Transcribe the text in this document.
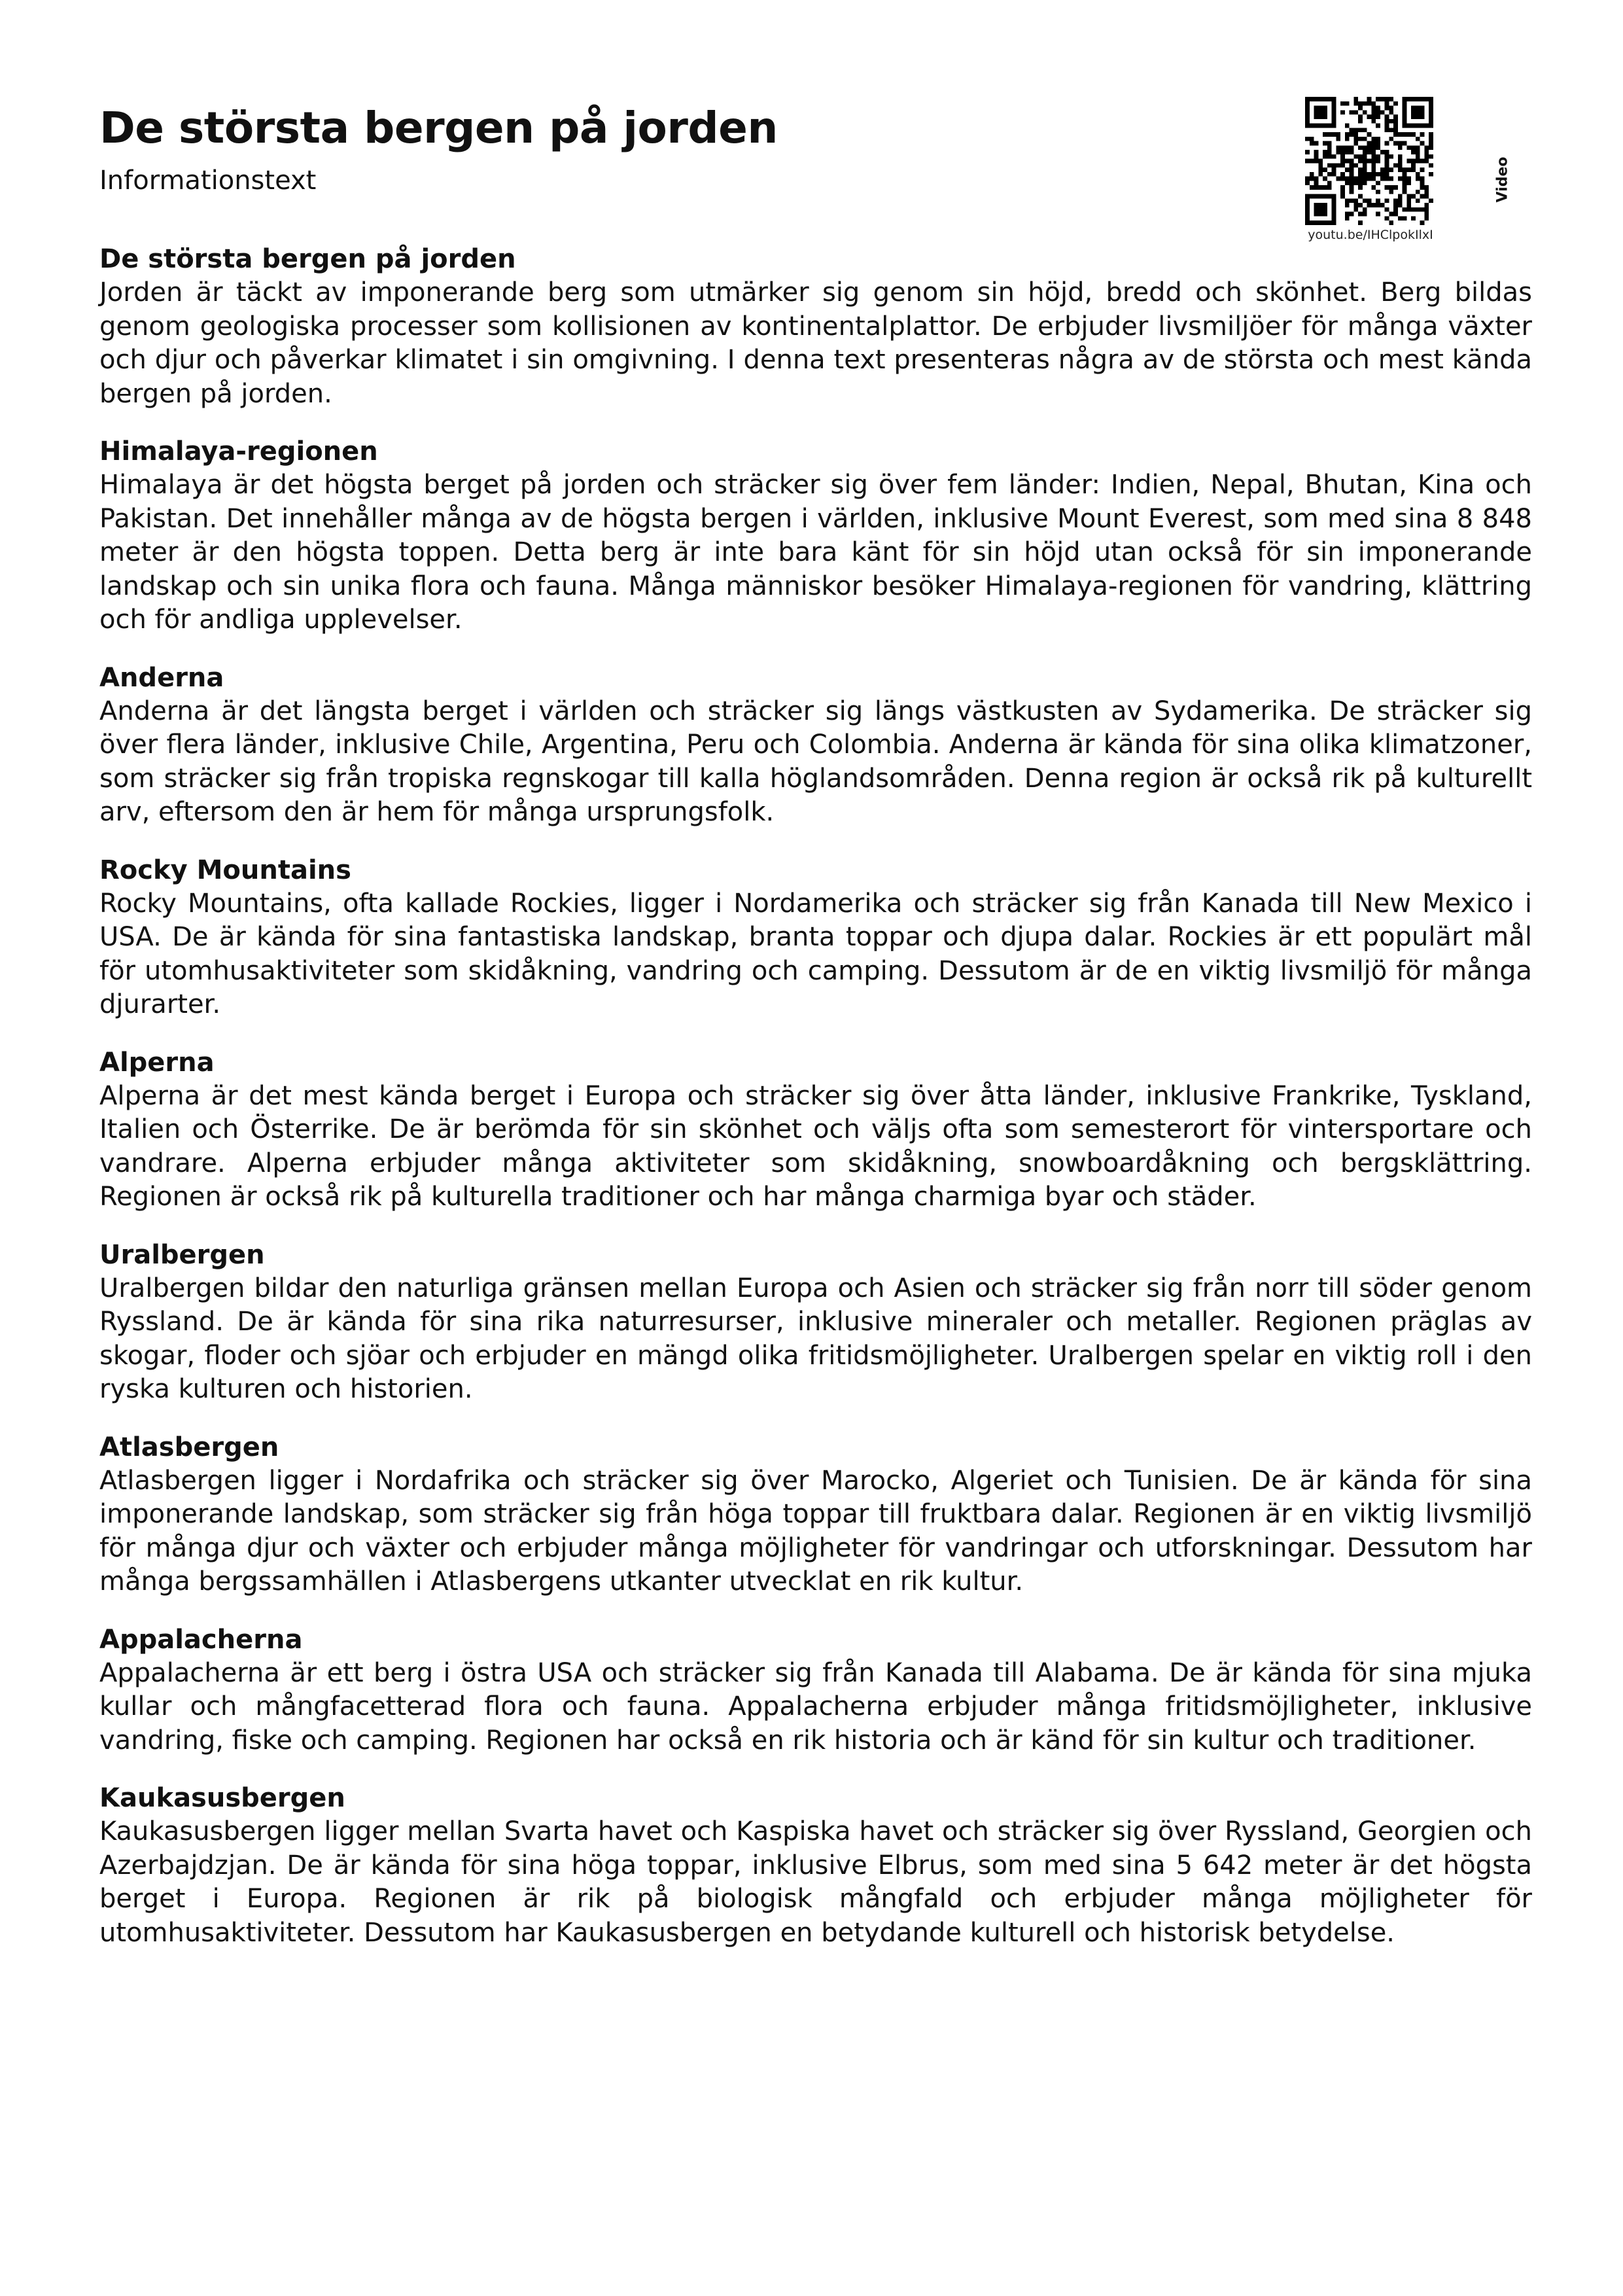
De största bergen på jorden

Informationstext

youtu.be/IHClpokIlxI
Video

De största bergen på jorden

Jorden är täckt av imponerande berg som utmärker sig genom sin höjd, bredd och skönhet. Berg bildas genom geologiska processer som kollisionen av kontinentalplattor. De erbjuder livsmiljöer för många växter och djur och påverkar klimatet i sin omgivning. I denna text presenteras några av de största och mest kända bergen på jorden.

Himalaya-regionen

Himalaya är det högsta berget på jorden och sträcker sig över fem länder: Indien, Nepal, Bhutan, Kina och Pakistan. Det innehåller många av de högsta bergen i världen, inklusive Mount Everest, som med sina 8 848 meter är den högsta toppen. Detta berg är inte bara känt för sin höjd utan också för sin imponerande landskap och sin unika flora och fauna. Många människor besöker Himalaya-regionen för vandring, klättring och för andliga upplevelser.

Anderna

Anderna är det längsta berget i världen och sträcker sig längs västkusten av Sydamerika. De sträcker sig över flera länder, inklusive Chile, Argentina, Peru och Colombia. Anderna är kända för sina olika klimatzoner, som sträcker sig från tropiska regnskogar till kalla höglandsområden. Denna region är också rik på kulturellt arv, eftersom den är hem för många ursprungsfolk.

Rocky Mountains

Rocky Mountains, ofta kallade Rockies, ligger i Nordamerika och sträcker sig från Kanada till New Mexico i USA. De är kända för sina fantastiska landskap, branta toppar och djupa dalar. Rockies är ett populärt mål för utomhusaktiviteter som skidåkning, vandring och camping. Dessutom är de en viktig livsmiljö för många djurarter.

Alperna

Alperna är det mest kända berget i Europa och sträcker sig över åtta länder, inklusive Frankrike, Tyskland, Italien och Österrike. De är berömda för sin skönhet och väljs ofta som semesterort för vintersportare och vandrare. Alperna erbjuder många aktiviteter som skidåkning, snowboardåkning och bergsklättring. Regionen är också rik på kulturella traditioner och har många charmiga byar och städer.

Uralbergen

Uralbergen bildar den naturliga gränsen mellan Europa och Asien och sträcker sig från norr till söder genom Ryssland. De är kända för sina rika naturresurser, inklusive mineraler och metaller. Regionen präglas av skogar, floder och sjöar och erbjuder en mängd olika fritidsmöjligheter. Uralbergen spelar en viktig roll i den ryska kulturen och historien.

Atlasbergen

Atlasbergen ligger i Nordafrika och sträcker sig över Marocko, Algeriet och Tunisien. De är kända för sina imponerande landskap, som sträcker sig från höga toppar till fruktbara dalar. Regionen är en viktig livsmiljö för många djur och växter och erbjuder många möjligheter för vandringar och utforskningar. Dessutom har många bergssamhällen i Atlasbergens utkanter utvecklat en rik kultur.

Appalacherna

Appalacherna är ett berg i östra USA och sträcker sig från Kanada till Alabama. De är kända för sina mjuka kullar och mångfacetterad flora och fauna. Appalacherna erbjuder många fritidsmöjligheter, inklusive vandring, fiske och camping. Regionen har också en rik historia och är känd för sin kultur och traditioner.

Kaukasusbergen

Kaukasusbergen ligger mellan Svarta havet och Kaspiska havet och sträcker sig över Ryssland, Georgien och Azerbajdzjan. De är kända för sina höga toppar, inklusive Elbrus, som med sina 5 642 meter är det högsta berget i Europa. Regionen är rik på biologisk mångfald och erbjuder många möjligheter för utomhusaktiviteter. Dessutom har Kaukasusbergen en betydande kulturell och historisk betydelse.
